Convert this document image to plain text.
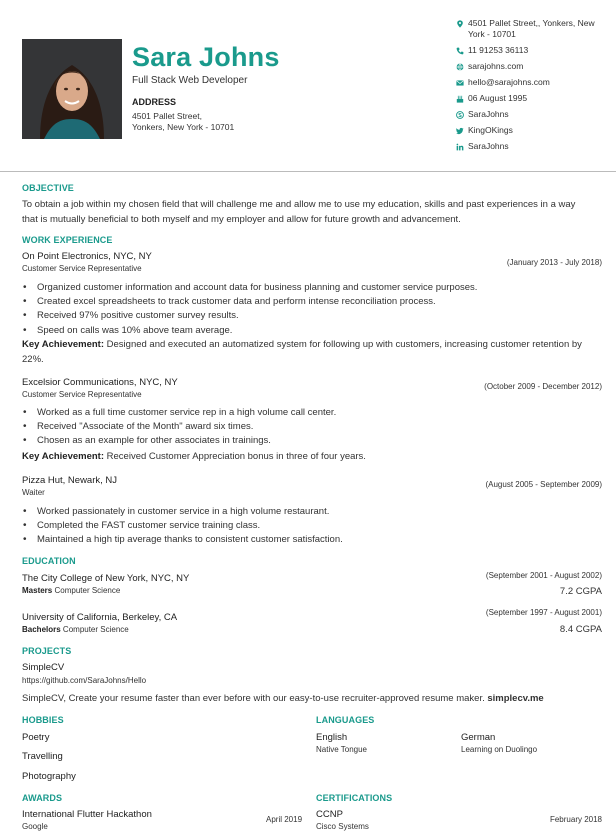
Sara Johns
Full Stack Web Developer
ADDRESS
4501 Pallet Street,
Yonkers, New York - 10701
4501 Pallet Street,, Yonkers, New York - 10701
11 91253 36113
sarajohns.com
hello@sarajohns.com
06 August 1995
SaraJohns
KingOKings
SaraJohns
OBJECTIVE
To obtain a job within my chosen field that will challenge me and allow me to use my education, skills and past experiences in a way that is mutually beneficial to both myself and my employer and allow for future growth and advancement.
WORK EXPERIENCE
On Point Electronics, NYC, NY
Customer Service Representative
(January 2013 - July 2018)
• Organized customer information and account data for business planning and customer service purposes.
• Created excel spreadsheets to track customer data and perform intense reconciliation process.
• Received 97% positive customer survey results.
• Speed on calls was 10% above team average.
Key Achievement: Designed and executed an automatized system for following up with customers, increasing customer retention by 22%.
Excelsior Communications, NYC, NY
Customer Service Representative
(October 2009 - December 2012)
• Worked as a full time customer service rep in a high volume call center.
• Received "Associate of the Month" award six times.
• Chosen as an example for other associates in trainings.
Key Achievement: Received Customer Appreciation bonus in three of four years.
Pizza Hut, Newark, NJ
Waiter
(August 2005 - September 2009)
• Worked passionately in customer service in a high volume restaurant.
• Completed the FAST customer service training class.
• Maintained a high tip average thanks to consistent customer satisfaction.
EDUCATION
The City College of New York, NYC, NY
Masters Computer Science
(September 2001 - August 2002)
7.2 CGPA
University of California, Berkeley, CA
Bachelors Computer Science
(September 1997 - August 2001)
8.4 CGPA
PROJECTS
SimpleCV
https://github.com/SaraJohns/Hello
SimpleCV, Create your resume faster than ever before with our easy-to-use recruiter-approved resume maker. simplecv.me
HOBBIES
Poetry
Travelling
Photography
LANGUAGES
English
Native Tongue
German
Learning on Duolingo
AWARDS
International Flutter Hackathon
Google
April 2019
CERTIFICATIONS
CCNP
Cisco Systems
February 2018
